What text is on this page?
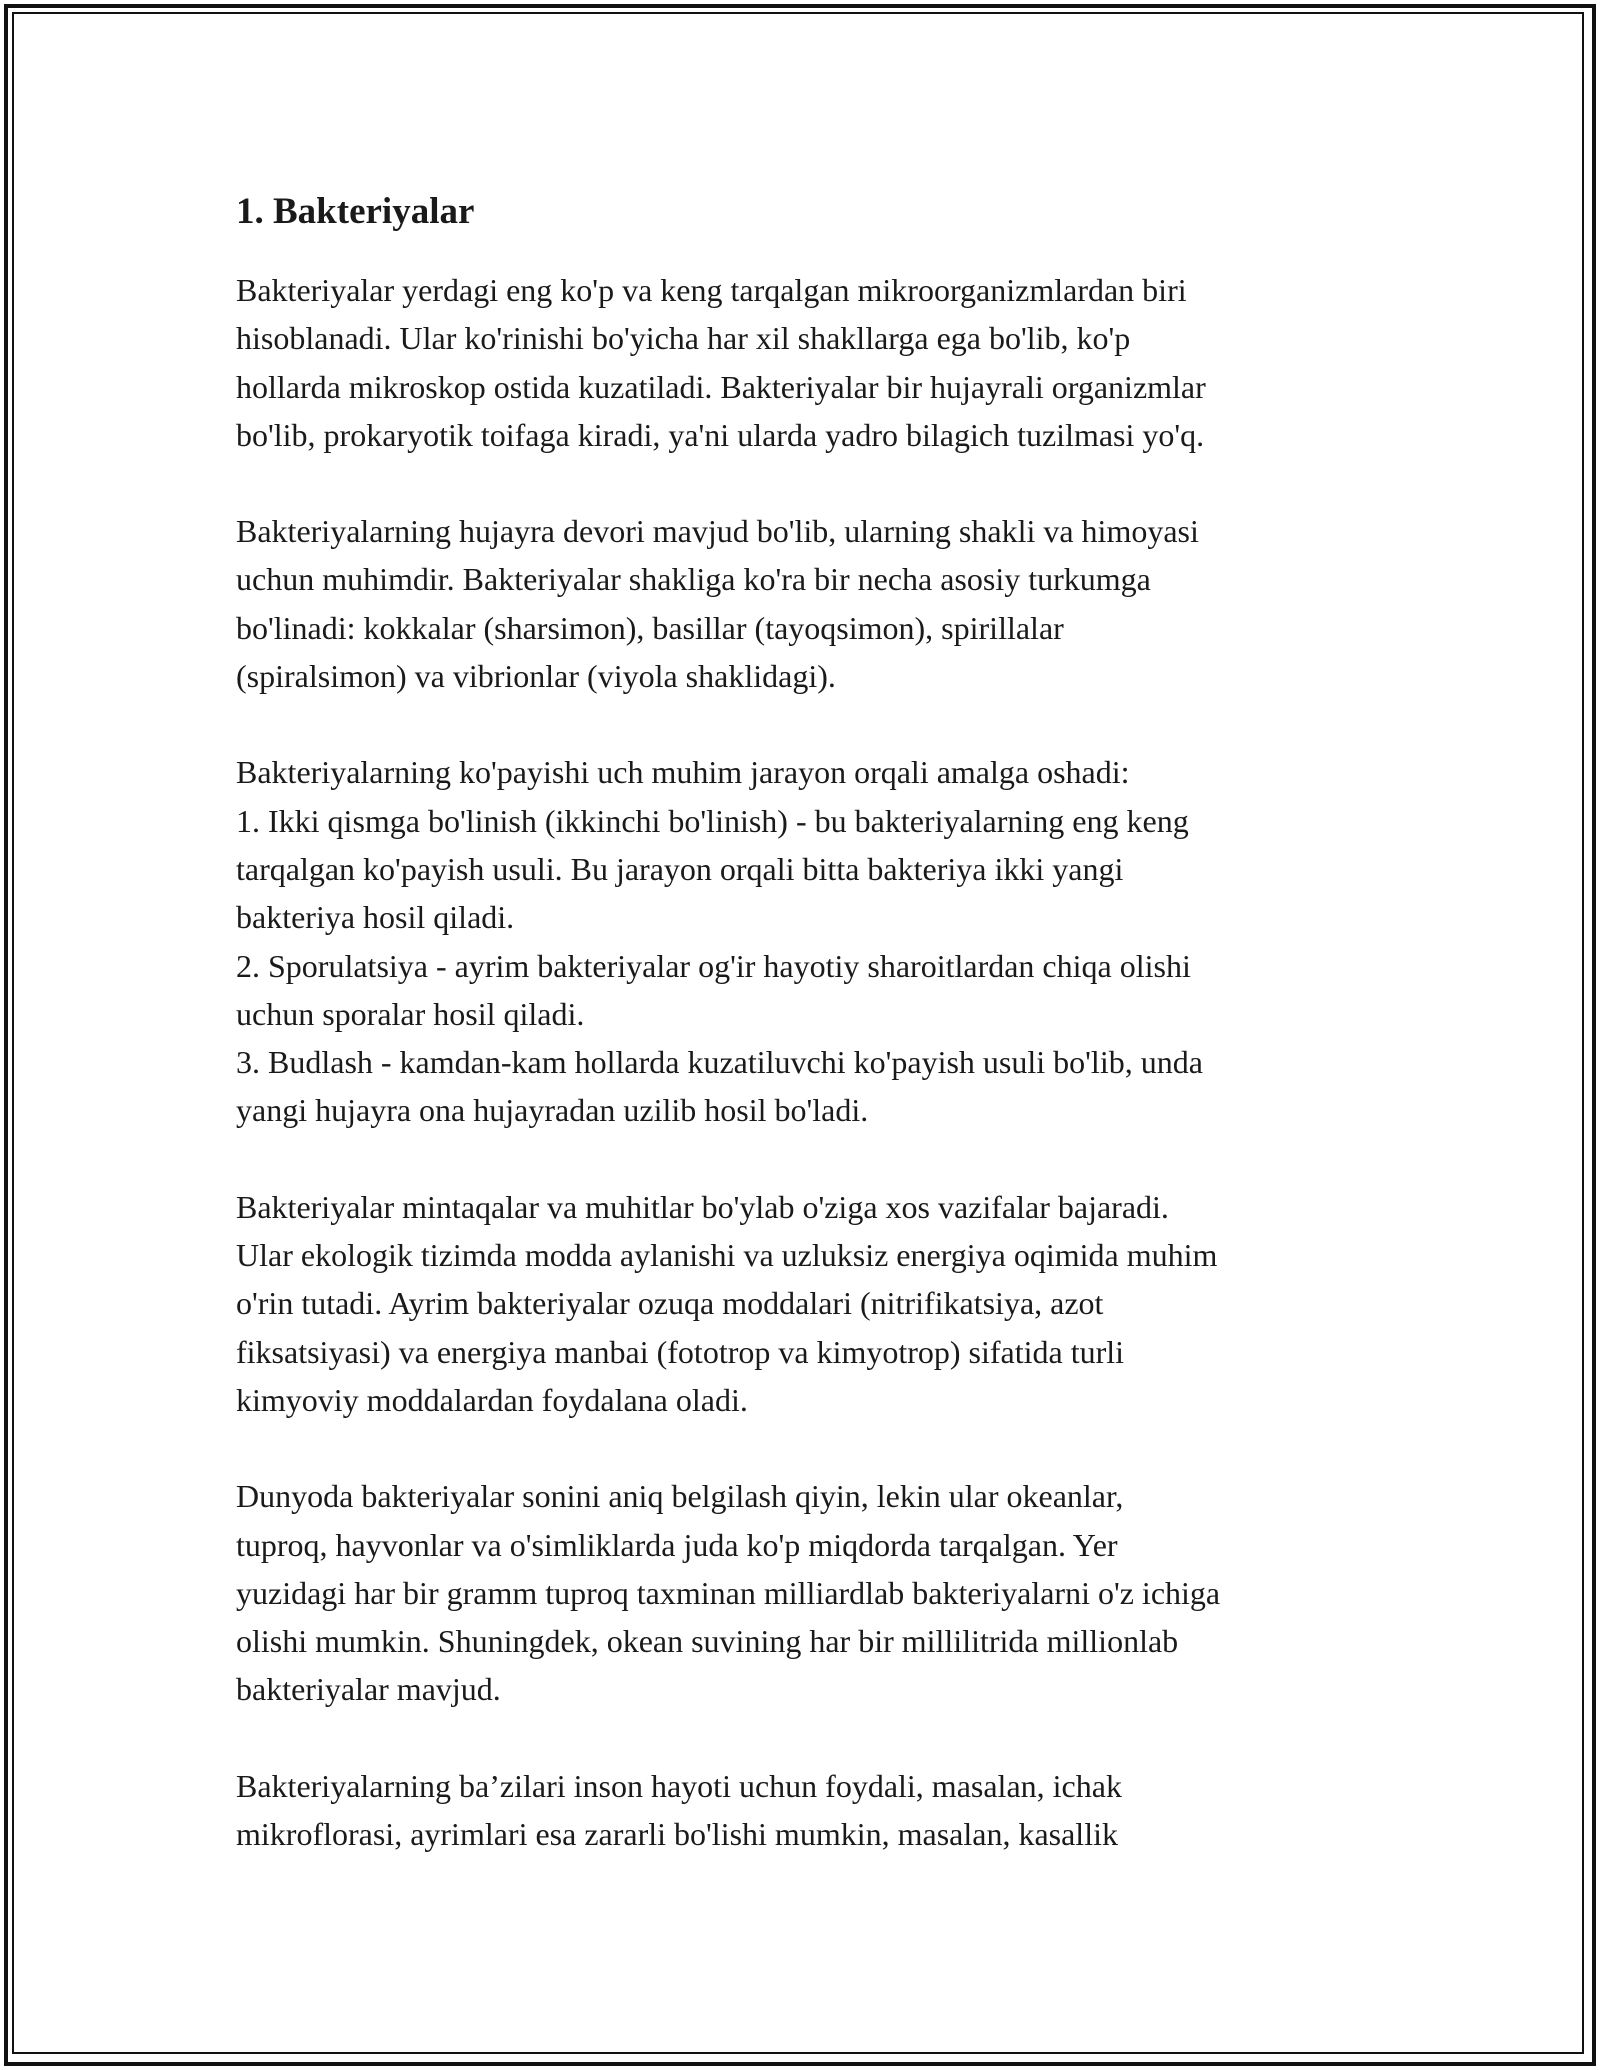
1. Bakteriyalar

Bakteriyalar yerdagi eng ko'p va keng tarqalgan mikroorganizmlardan biri
hisoblanadi. Ular ko'rinishi bo'yicha har xil shakllarga ega bo'lib, ko'p
hollarda mikroskop ostida kuzatiladi. Bakteriyalar bir hujayrali organizmlar
bo'lib, prokaryotik toifaga kiradi, ya'ni ularda yadro bilagich tuzilmasi yo'q.

Bakteriyalarning hujayra devori mavjud bo'lib, ularning shakli va himoyasi
uchun muhimdir. Bakteriyalar shakliga ko'ra bir necha asosiy turkumga
bo'linadi: kokkalar (sharsimon), basillar (tayoqsimon), spirillalar
(spiralsimon) va vibrionlar (viyola shaklidagi).

Bakteriyalarning ko'payishi uch muhim jarayon orqali amalga oshadi:
1. Ikki qismga bo'linish (ikkinchi bo'linish) - bu bakteriyalarning eng keng
tarqalgan ko'payish usuli. Bu jarayon orqali bitta bakteriya ikki yangi
bakteriya hosil qiladi.
2. Sporulatsiya - ayrim bakteriyalar og'ir hayotiy sharoitlardan chiqa olishi
uchun sporalar hosil qiladi.
3. Budlash - kamdan-kam hollarda kuzatiluvchi ko'payish usuli bo'lib, unda
yangi hujayra ona hujayradan uzilib hosil bo'ladi.

Bakteriyalar mintaqalar va muhitlar bo'ylab o'ziga xos vazifalar bajaradi.
Ular ekologik tizimda modda aylanishi va uzluksiz energiya oqimida muhim
o'rin tutadi. Ayrim bakteriyalar ozuqa moddalari (nitrifikatsiya, azot
fiksatsiyasi) va energiya manbai (fototrop va kimyotrop) sifatida turli
kimyoviy moddalardan foydalana oladi.

Dunyoda bakteriyalar sonini aniq belgilash qiyin, lekin ular okeanlar,
tuproq, hayvonlar va o'simliklarda juda ko'p miqdorda tarqalgan. Yer
yuzidagi har bir gramm tuproq taxminan milliardlab bakteriyalarni o'z ichiga
olishi mumkin. Shuningdek, okean suvining har bir millilitrida millionlab
bakteriyalar mavjud.

Bakteriyalarning ba’zilari inson hayoti uchun foydali, masalan, ichak
mikroflorasi, ayrimlari esa zararli bo'lishi mumkin, masalan, kasallik
